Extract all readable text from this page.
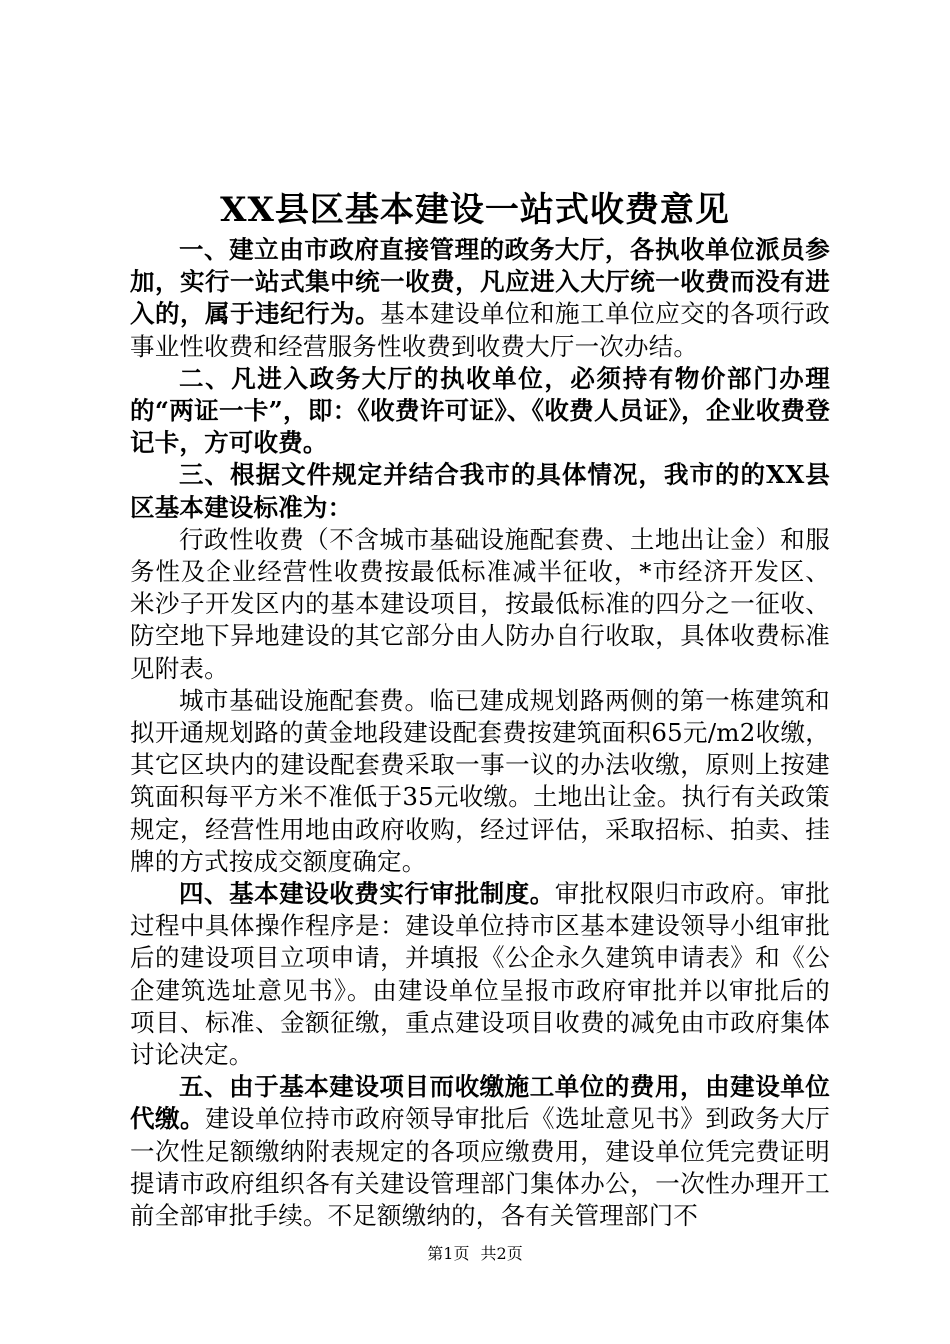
XX县区基本建设一站式收费意见

一、建立由市政府直接管理的政务大厅，各执收单位派员参加，实行一站式集中统一收费，凡应进入大厅统一收费而没有进入的，属于违纪行为。基本建设单位和施工单位应交的各项行政事业性收费和经营服务性收费到收费大厅一次办结。

二、凡进入政务大厅的执收单位，必须持有物价部门办理的“两证一卡”，即：《收费许可证》、《收费人员证》，企业收费登记卡，方可收费。

三、根据文件规定并结合我市的具体情况，我市的的XX县区基本建设标准为：

行政性收费（不含城市基础设施配套费、土地出让金）和服务性及企业经营性收费按最低标准减半征收，*市经济开发区、米沙子开发区内的基本建设项目，按最低标准的四分之一征收、防空地下异地建设的其它部分由人防办自行收取，具体收费标准见附表。

城市基础设施配套费。临已建成规划路两侧的第一栋建筑和拟开通规划路的黄金地段建设配套费按建筑面积65元/m2收缴，其它区块内的建设配套费采取一事一议的办法收缴，原则上按建筑面积每平方米不准低于35元收缴。土地出让金。执行有关政策规定，经营性用地由政府收购，经过评估，采取招标、拍卖、挂牌的方式按成交额度确定。

四、基本建设收费实行审批制度。审批权限归市政府。审批过程中具体操作程序是：建设单位持市区基本建设领导小组审批后的建设项目立项申请，并填报《公企永久建筑申请表》和《公企建筑选址意见书》。由建设单位呈报市政府审批并以审批后的项目、标准、金额征缴，重点建设项目收费的减免由市政府集体讨论决定。

五、由于基本建设项目而收缴施工单位的费用，由建设单位代缴。建设单位持市政府领导审批后《选址意见书》到政务大厅一次性足额缴纳附表规定的各项应缴费用，建设单位凭完费证明提请市政府组织各有关建设管理部门集体办公，一次性办理开工前全部审批手续。不足额缴纳的，各有关管理部门不

第1页 共2页
